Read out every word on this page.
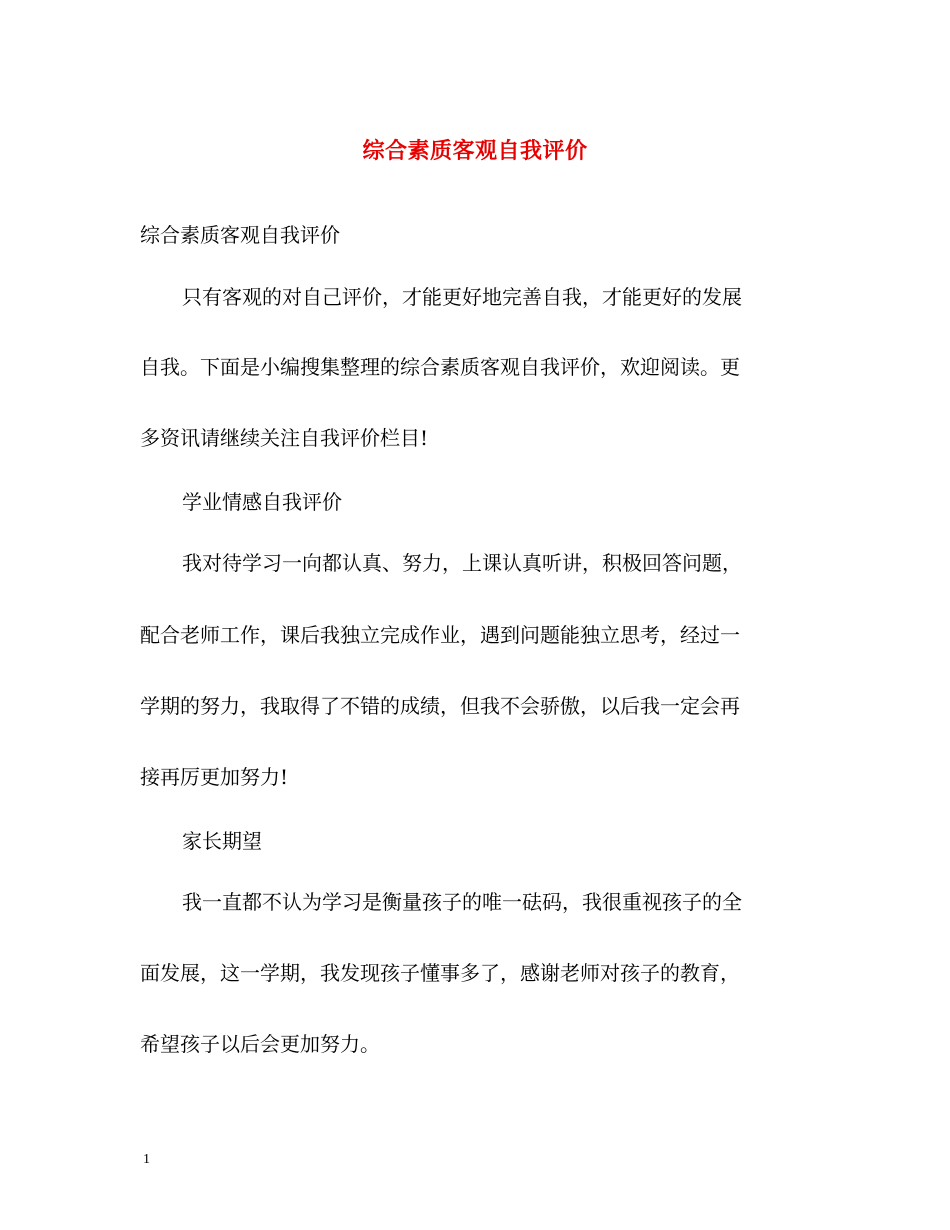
综合素质客观自我评价
综合素质客观自我评价
只有客观的对自己评价，才能更好地完善自我，才能更好的发展
自我。下面是小编搜集整理的综合素质客观自我评价，欢迎阅读。更
多资讯请继续关注自我评价栏目!
学业情感自我评价
我对待学习一向都认真、努力，上课认真听讲，积极回答问题，
配合老师工作，课后我独立完成作业，遇到问题能独立思考，经过一
学期的努力，我取得了不错的成绩，但我不会骄傲，以后我一定会再
接再厉更加努力!
家长期望
我一直都不认为学习是衡量孩子的唯一砝码，我很重视孩子的全
面发展，这一学期，我发现孩子懂事多了，感谢老师对孩子的教育，
希望孩子以后会更加努力。
1
